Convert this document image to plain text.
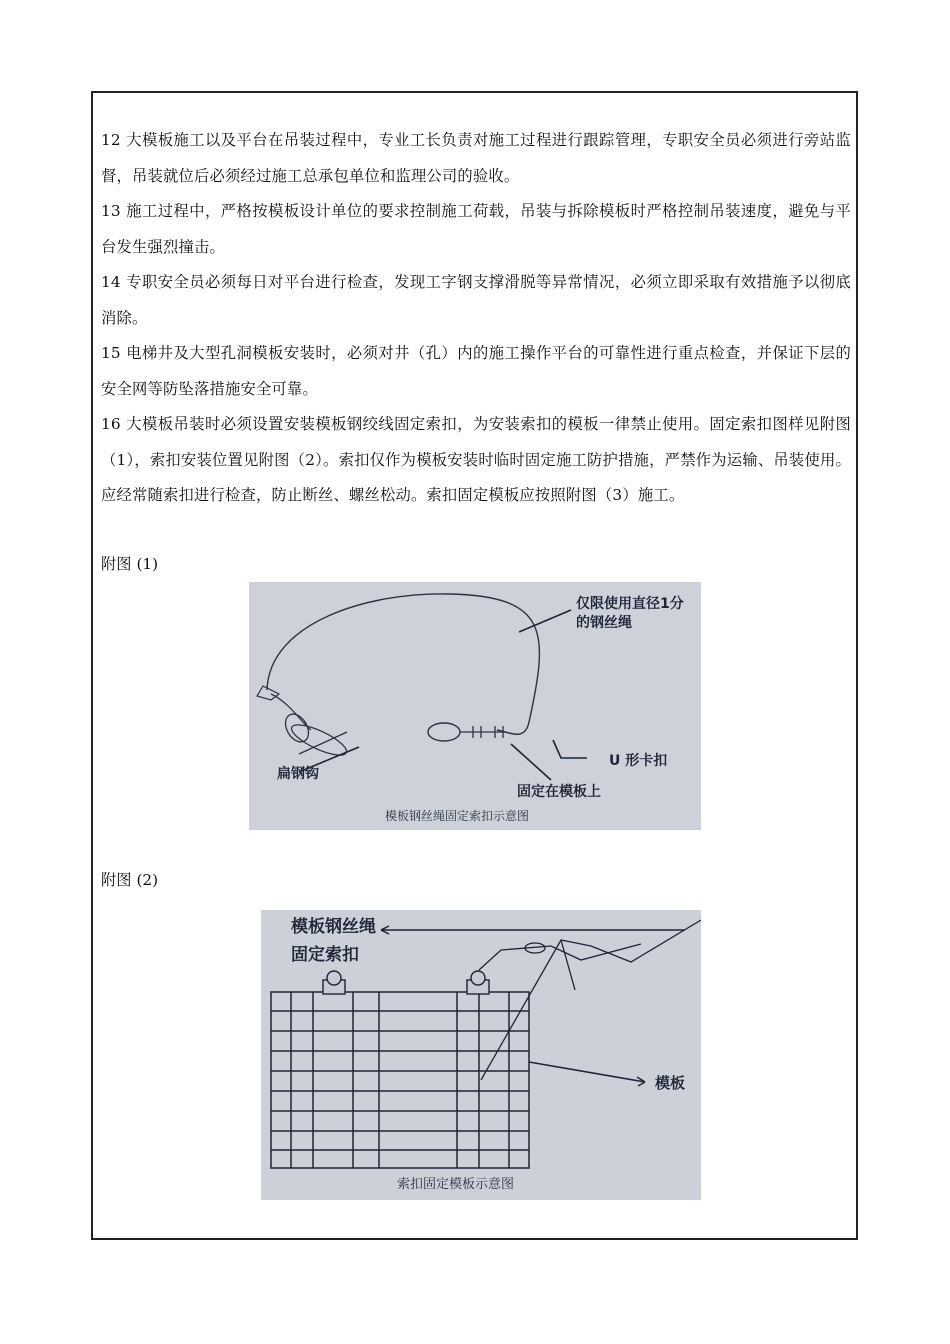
12 大模板施工以及平台在吊装过程中，专业工长负责对施工过程进行跟踪管理，专职安全员必须进行旁站监督，吊装就位后必须经过施工总承包单位和监理公司的验收。

13 施工过程中，严格按模板设计单位的要求控制施工荷载，吊装与拆除模板时严格控制吊装速度，避免与平台发生强烈撞击。

14 专职安全员必须每日对平台进行检查，发现工字钢支撑滑脱等异常情况，必须立即采取有效措施予以彻底消除。

15 电梯井及大型孔洞模板安装时，必须对井（孔）内的施工操作平台的可靠性进行重点检查，并保证下层的安全网等防坠落措施安全可靠。

16 大模板吊装时必须设置安装模板钢绞线固定索扣，为安装索扣的模板一律禁止使用。固定索扣图样见附图（1），索扣安装位置见附图（2）。索扣仅作为模板安装时临时固定施工防护措施，严禁作为运输、吊装使用。应经常随索扣进行检查，防止断丝、螺丝松动。索扣固定模板应按照附图（3）施工。

附图 (1)

仅限使用直径1分
的钢丝绳
扁钢钩
固定在模板上
U 形卡扣
模板钢丝绳固定索扣示意图

附图 (2)

模板钢丝绳
固定索扣
模板
索扣固定模板示意图
